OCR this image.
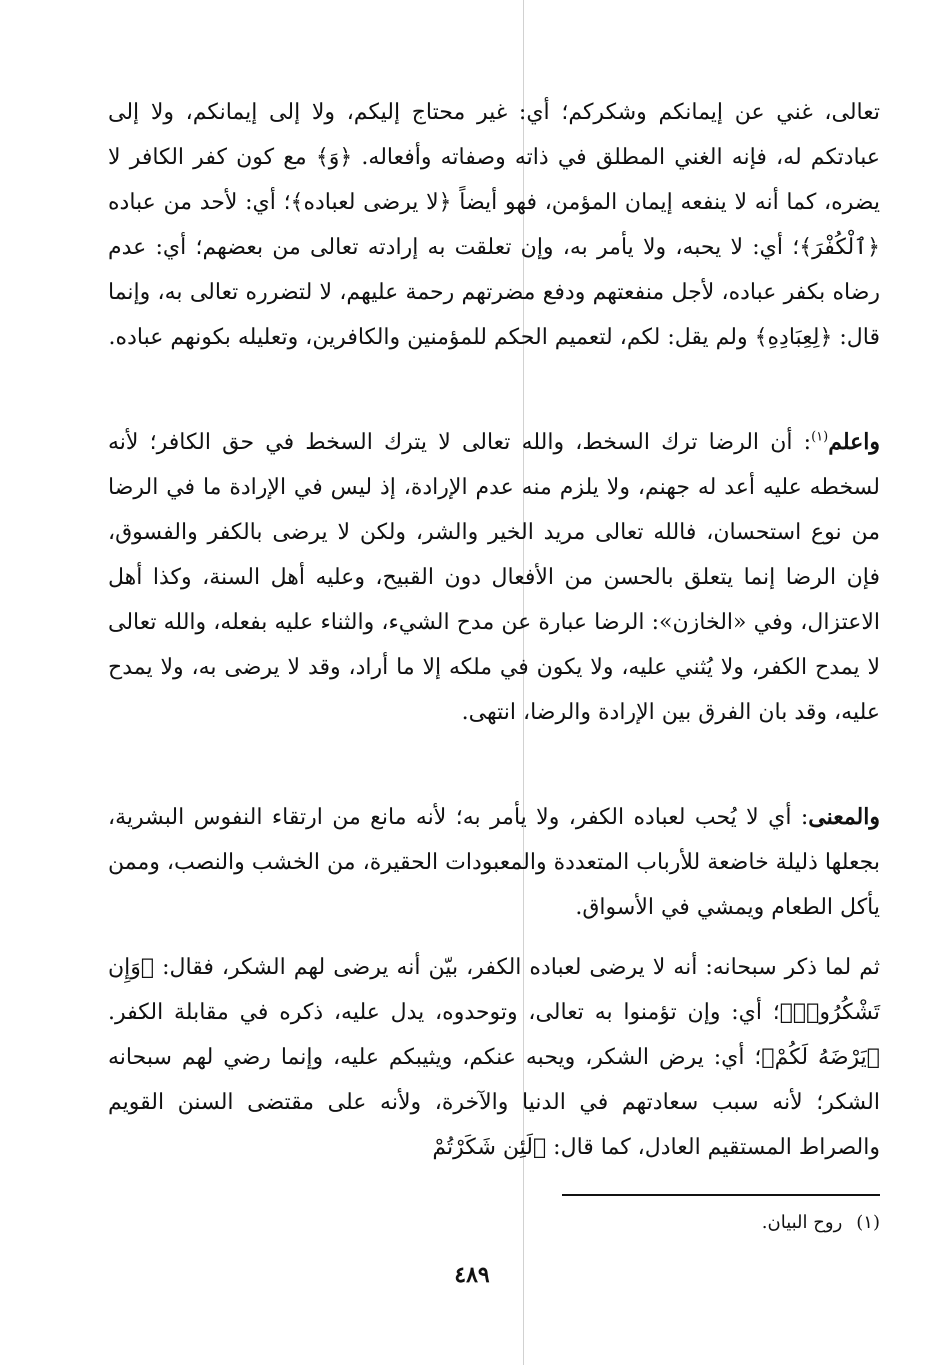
تعالى، غني عن إيمانكم وشكركم؛ أي: غير محتاج إليكم، ولا إلى إيمانكم، ولا إلى عبادتكم له، فإنه الغني المطلق في ذاته وصفاته وأفعاله. ﴿وَ﴾ مع كون كفر الكافر لا يضره، كما أنه لا ينفعه إيمان المؤمن، فهو أيضاً ﴿لا يرضى لعباده﴾؛ أي: لأحد من عباده ﴿ٱلْكُفْرَ﴾؛ أي: لا يحبه، ولا يأمر به، وإن تعلقت به إرادته تعالى من بعضهم؛ أي: عدم رضاه بكفر عباده، لأجل منفعتهم ودفع مضرتهم رحمة عليهم، لا لتضرره تعالى به، وإنما قال: ﴿لِعِبَادِهِ﴾ ولم يقل: لكم، لتعميم الحكم للمؤمنين والكافرين، وتعليله بكونهم عباده.
واعلم$^{(١)}$: أن الرضا ترك السخط، والله تعالى لا يترك السخط في حق الكافر؛ لأنه لسخطه عليه أعد له جهنم، ولا يلزم منه عدم الإرادة، إذ ليس في الإرادة ما في الرضا من نوع استحسان، فالله تعالى مريد الخير والشر، ولكن لا يرضى بالكفر والفسوق، فإن الرضا إنما يتعلق بالحسن من الأفعال دون القبيح، وعليه أهل السنة، وكذا أهل الاعتزال، وفي «الخازن»: الرضا عبارة عن مدح الشيء، والثناء عليه بفعله، والله تعالى لا يمدح الكفر، ولا يُثني عليه، ولا يكون في ملكه إلا ما أراد، وقد لا يرضى به، ولا يمدح عليه، وقد بان الفرق بين الإرادة والرضا، انتهى.
والمعنى: أي لا يُحب لعباده الكفر، ولا يأمر به؛ لأنه مانع من ارتقاء النفوس البشرية، بجعلها ذليلة خاضعة للأرباب المتعددة والمعبودات الحقيرة، من الخشب والنصب، وممن يأكل الطعام ويمشي في الأسواق.
ثم لما ذكر سبحانه: أنه لا يرضى لعباده الكفر، بيّن أنه يرضى لهم الشكر، فقال: ﴿وَإِن تَشْكُرُوا۟﴾؛ أي: وإن تؤمنوا به تعالى، وتوحدوه، يدل عليه، ذكره في مقابلة الكفر. ﴿يَرْضَهُ لَكُمْ﴾؛ أي: يرض الشكر، ويحبه عنكم، ويثيبكم عليه، وإنما رضي لهم سبحانه الشكر؛ لأنه سبب سعادتهم في الدنيا والآخرة، ولأنه على مقتضى السنن القويم والصراط المستقيم العادل، كما قال: ﴿لَئِن شَكَرْتُمْ
(١)روح البيان.
٤٨٩
